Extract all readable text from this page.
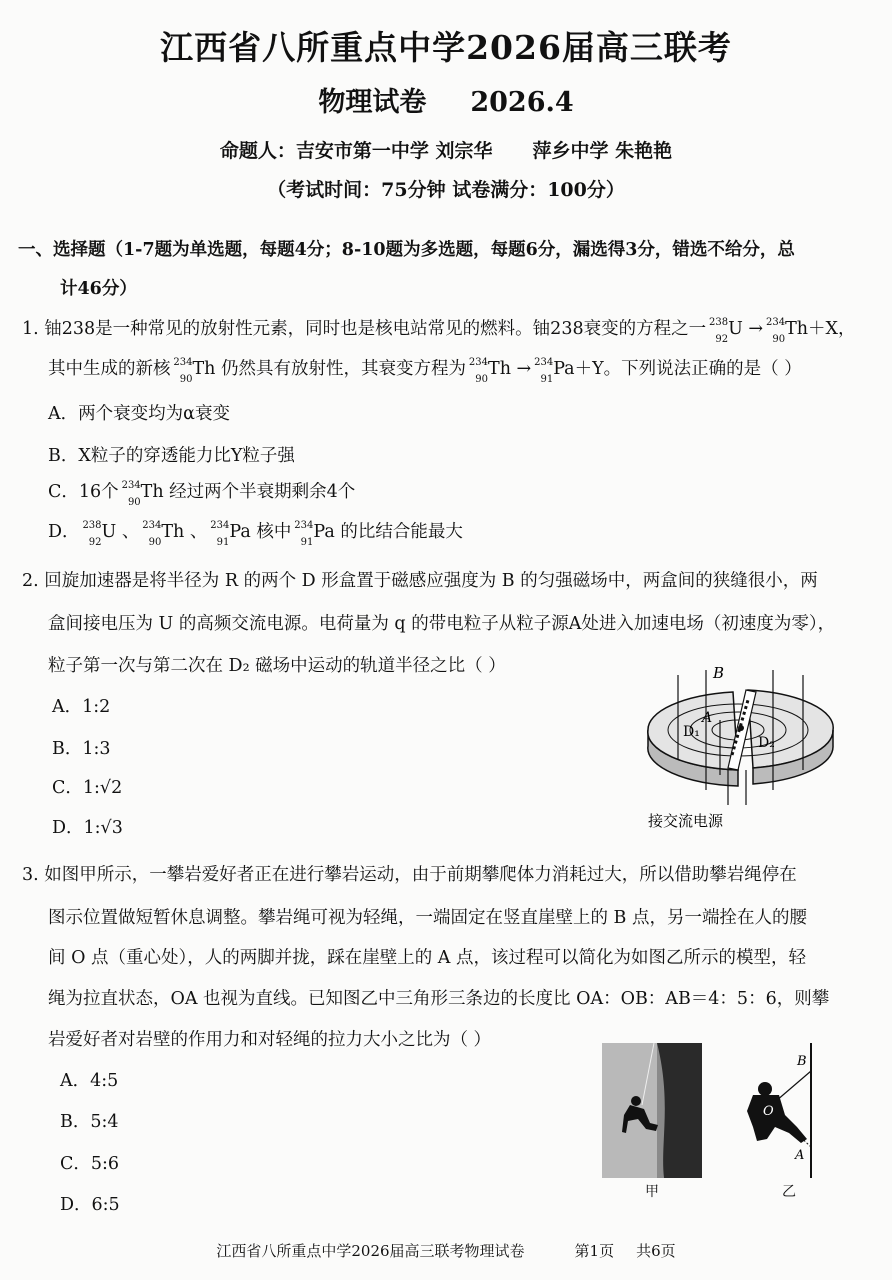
江西省八所重点中学2026届高三联考
物理试卷 2026.4
命题人：吉安市第一中学 刘宗华 萍乡中学 朱艳艳
（考试时间：75分钟 试卷满分：100分）
一、选择题（1-7题为单选题，每题4分；8-10题为多选题，每题6分，漏选得3分，错选不给分，总
计46分）
1. 铀238是一种常见的放射性元素，同时也是核电站常见的燃料。铀238衰变的方程之一 238
92
U → 234
90
Th＋X，
其中生成的新核 234
90
Th 仍然具有放射性，其衰变方程为 234
90
Th → 234
91
Pa＋Y。下列说法正确的是（ ）
A．两个衰变均为α衰变
B．X粒子的穿透能力比Y粒子强
C．16个 234
90
Th 经过两个半衰期剩余4个
D． 238
92
U 、 234
90
Th 、 234
91
Pa 核中 234
91
Pa 的比结合能最大
2. 回旋加速器是将半径为 R 的两个 D 形盒置于磁感应强度为 B 的匀强磁场中，两盒间的狭缝很小，两
盒间接电压为 U 的高频交流电源。电荷量为 q 的带电粒子从粒子源A处进入加速电场（初速度为零），
粒子第一次与第二次在 D₂ 磁场中运动的轨道半径之比（ ）
A．1:2
B．1:3
C．1:√2
D．1:√3
B
A
D₁
D₂
接交流电源
3. 如图甲所示，一攀岩爱好者正在进行攀岩运动，由于前期攀爬体力消耗过大，所以借助攀岩绳停在
图示位置做短暂休息调整。攀岩绳可视为轻绳，一端固定在竖直崖壁上的 B 点，另一端拴在人的腰
间 O 点（重心处），人的两脚并拢，踩在崖壁上的 A 点，该过程可以简化为如图乙所示的模型，轻
绳为拉直状态，OA 也视为直线。已知图乙中三角形三条边的长度比 OA：OB：AB＝4：5：6，则攀
岩爱好者对岩壁的作用力和对轻绳的拉力大小之比为（ ）
A．4:5
B．5:4
C．5:6
D．6:5
甲
B
O
A
乙
江西省八所重点中学2026届高三联考物理试卷	第1页 共6页
